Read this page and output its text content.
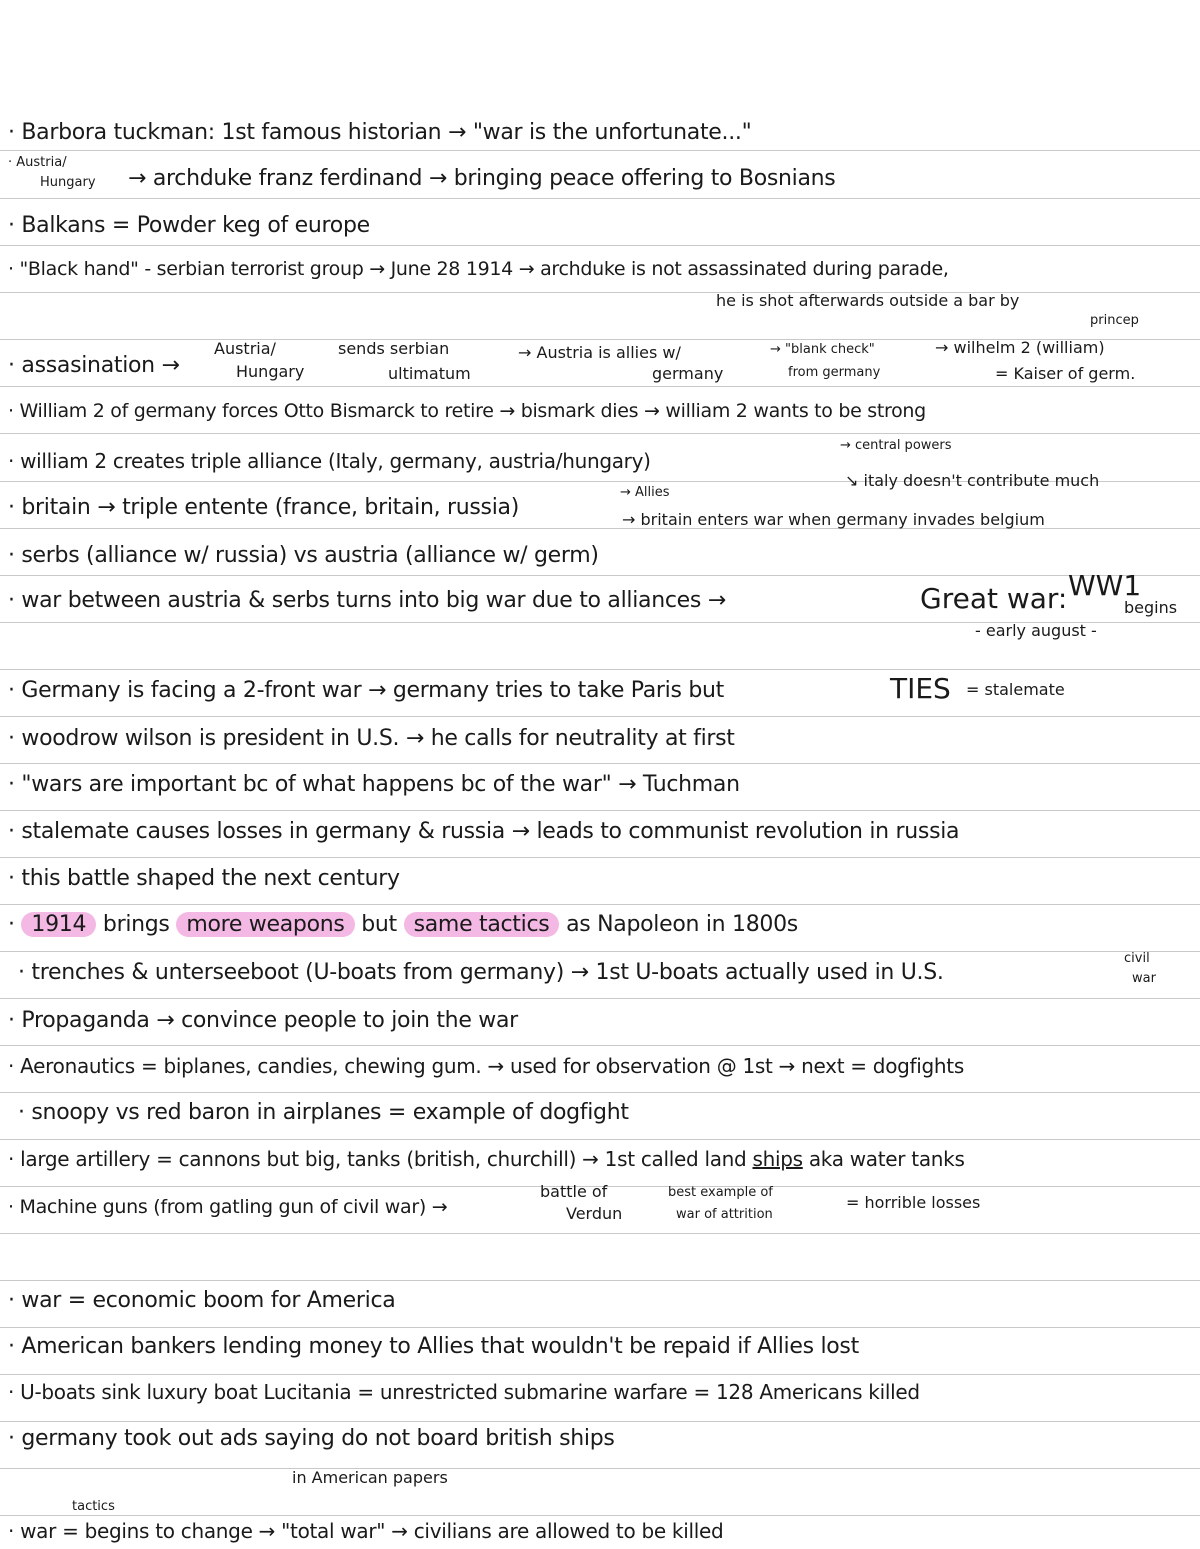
· Barbora tuckman: 1st famous historian → "war is the unfortunate..."
· Austria/
Hungary → archduke franz ferdinand → bringing peace offering to Bosnians
· Balkans = Powder keg of europe
· "Black hand" - serbian terrorist group → June 28 1914 → archduke is not assassinated during parade,
he is shot afterwards outside a bar by
princep
· assasination →
Austria/
Hungary
sends serbian
ultimatum
→ Austria is allies w/
germany
→ "blank check"
from germany
→ wilhelm 2 (william)
= Kaiser of germ.
· William 2 of germany forces Otto Bismarck to retire → bismark dies → william 2 wants to be strong
· william 2 creates triple alliance (Italy, germany, austria/hungary)
→ central powers
↘ italy doesn't contribute much
· britain → triple entente (france, britain, russia)
→ Allies
→ britain enters war when germany invades belgium
· serbs (alliance w/ russia) vs austria (alliance w/ germ)
· war between austria & serbs turns into big war due to alliances →	Great war: WW1
begins
- early august -
· Germany is facing a 2-front war → germany tries to take Paris but	TIES = stalemate
· woodrow wilson is president in U.S. → he calls for neutrality at first
· "wars are important bc of what happens bc of the war" → Tuchman
· stalemate causes losses in germany & russia → leads to communist revolution in russia
· this battle shaped the next century
· 1914 brings more weapons but same tactics as Napoleon in 1800s
· trenches & unterseeboot (U-boats from germany) → 1st U-boats actually used in U.S.
civil
war
· Propaganda → convince people to join the war
· Aeronautics = biplanes, candies, chewing gum. → used for observation @ 1st → next = dogfights
· snoopy vs red baron in airplanes = example of dogfight
· large artillery = cannons but big, tanks (british, churchill) → 1st called land ships aka water tanks
· Machine guns (from gatling gun of civil war) →
battle of
Verdun
best example of
war of attrition
= horrible losses
· war = economic boom for America
· American bankers lending money to Allies that wouldn't be repaid if Allies lost
· U-boats sink luxury boat Lucitania = unrestricted submarine warfare = 128 Americans killed
· germany took out ads saying do not board british ships
in American papers
tactics
· war = begins to change → "total war" → civilians are allowed to be killed
